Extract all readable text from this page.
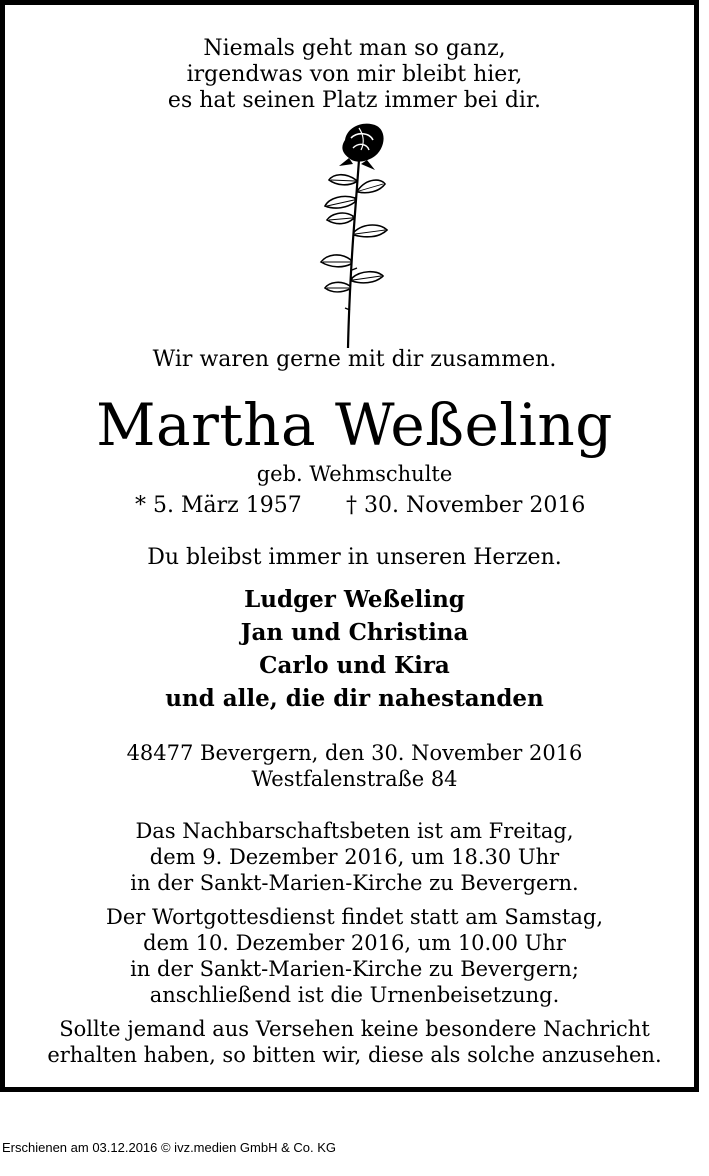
Niemals geht man so ganz,
irgendwas von mir bleibt hier,
es hat seinen Platz immer bei dir.
Wir waren gerne mit dir zusammen.
Martha Weßeling
geb. Wehmschulte
* 5. März 1957 † 30. November 2016
Du bleibst immer in unseren Herzen.
Ludger Weßeling
Jan und Christina
Carlo und Kira
und alle, die dir nahestanden
48477 Bevergern, den 30. November 2016
Westfalenstraße 84
Das Nachbarschaftsbeten ist am Freitag,
dem 9. Dezember 2016, um 18.30 Uhr
in der Sankt-Marien-Kirche zu Bevergern.
Der Wortgottesdienst findet statt am Samstag,
dem 10. Dezember 2016, um 10.00 Uhr
in der Sankt-Marien-Kirche zu Bevergern;
anschließend ist die Urnenbeisetzung.
Sollte jemand aus Versehen keine besondere Nachricht
erhalten haben, so bitten wir, diese als solche anzusehen.
Erschienen am 03.12.2016 © ivz.medien GmbH & Co. KG
